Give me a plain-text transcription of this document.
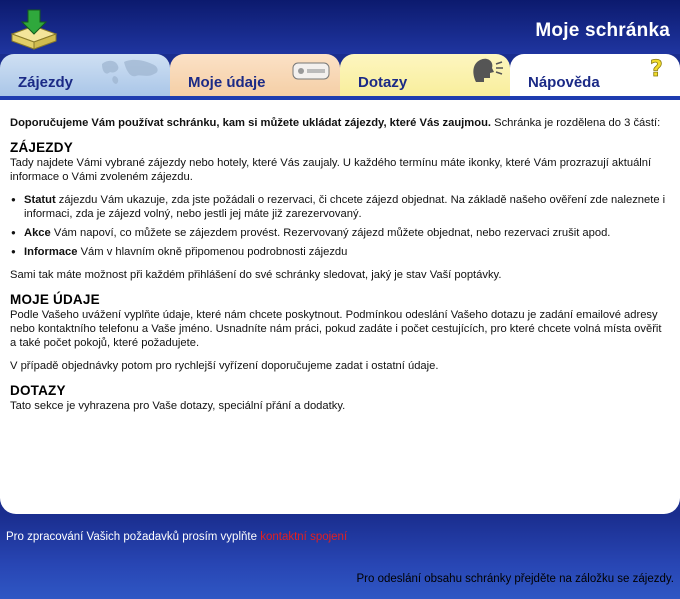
Moje schránka
Zájezdy	Moje údaje	Dotazy
?
Nápověda
Doporučujeme Vám používat schránku, kam si můžete ukládat zájezdy, které Vás zaujmou. Schránka je rozdělena do 3 částí:
ZÁJEZDY

Tady najdete Vámi vybrané zájezdy nebo hotely, které Vás zaujaly. U každého termínu máte ikonky, které Vám prozrazují aktuální informace o Vámi zvoleném zájezdu.

● Statut zájezdu Vám ukazuje, zda jste požádali o rezervaci, či chcete zájezd objednat. Na základě našeho ověření zde naleznete i informaci, zda je zájezd volný, nebo jestli jej máte již zarezervovaný.
● Akce Vám napoví, co můžete se zájezdem provést. Rezervovaný zájezd můžete objednat, nebo rezervaci zrušit apod.
● Informace Vám v hlavním okně připomenou podrobnosti zájezdu

Sami tak máte možnost při každém přihlášení do své schránky sledovat, jaký je stav Vaší poptávky.

MOJE ÚDAJE

Podle Vašeho uvážení vyplňte údaje, které nám chcete poskytnout. Podmínkou odeslání Vašeho dotazu je zadání emailové adresy nebo kontaktního telefonu a Vaše jméno. Usnadníte nám práci, pokud zadáte i počet cestujících, pro které chcete volná místa ověřit a také počet pokojů, které požadujete.

V případě objednávky potom pro rychlejší vyřízení doporučujeme zadat i ostatní údaje.

DOTAZY

Tato sekce je vyhrazena pro Vaše dotazy, speciální přání a dodatky.

Pro zpracování Vašich požadavků prosím vyplňte kontaktní spojení
Pro odeslání obsahu schránky přejděte na záložku se zájezdy.
